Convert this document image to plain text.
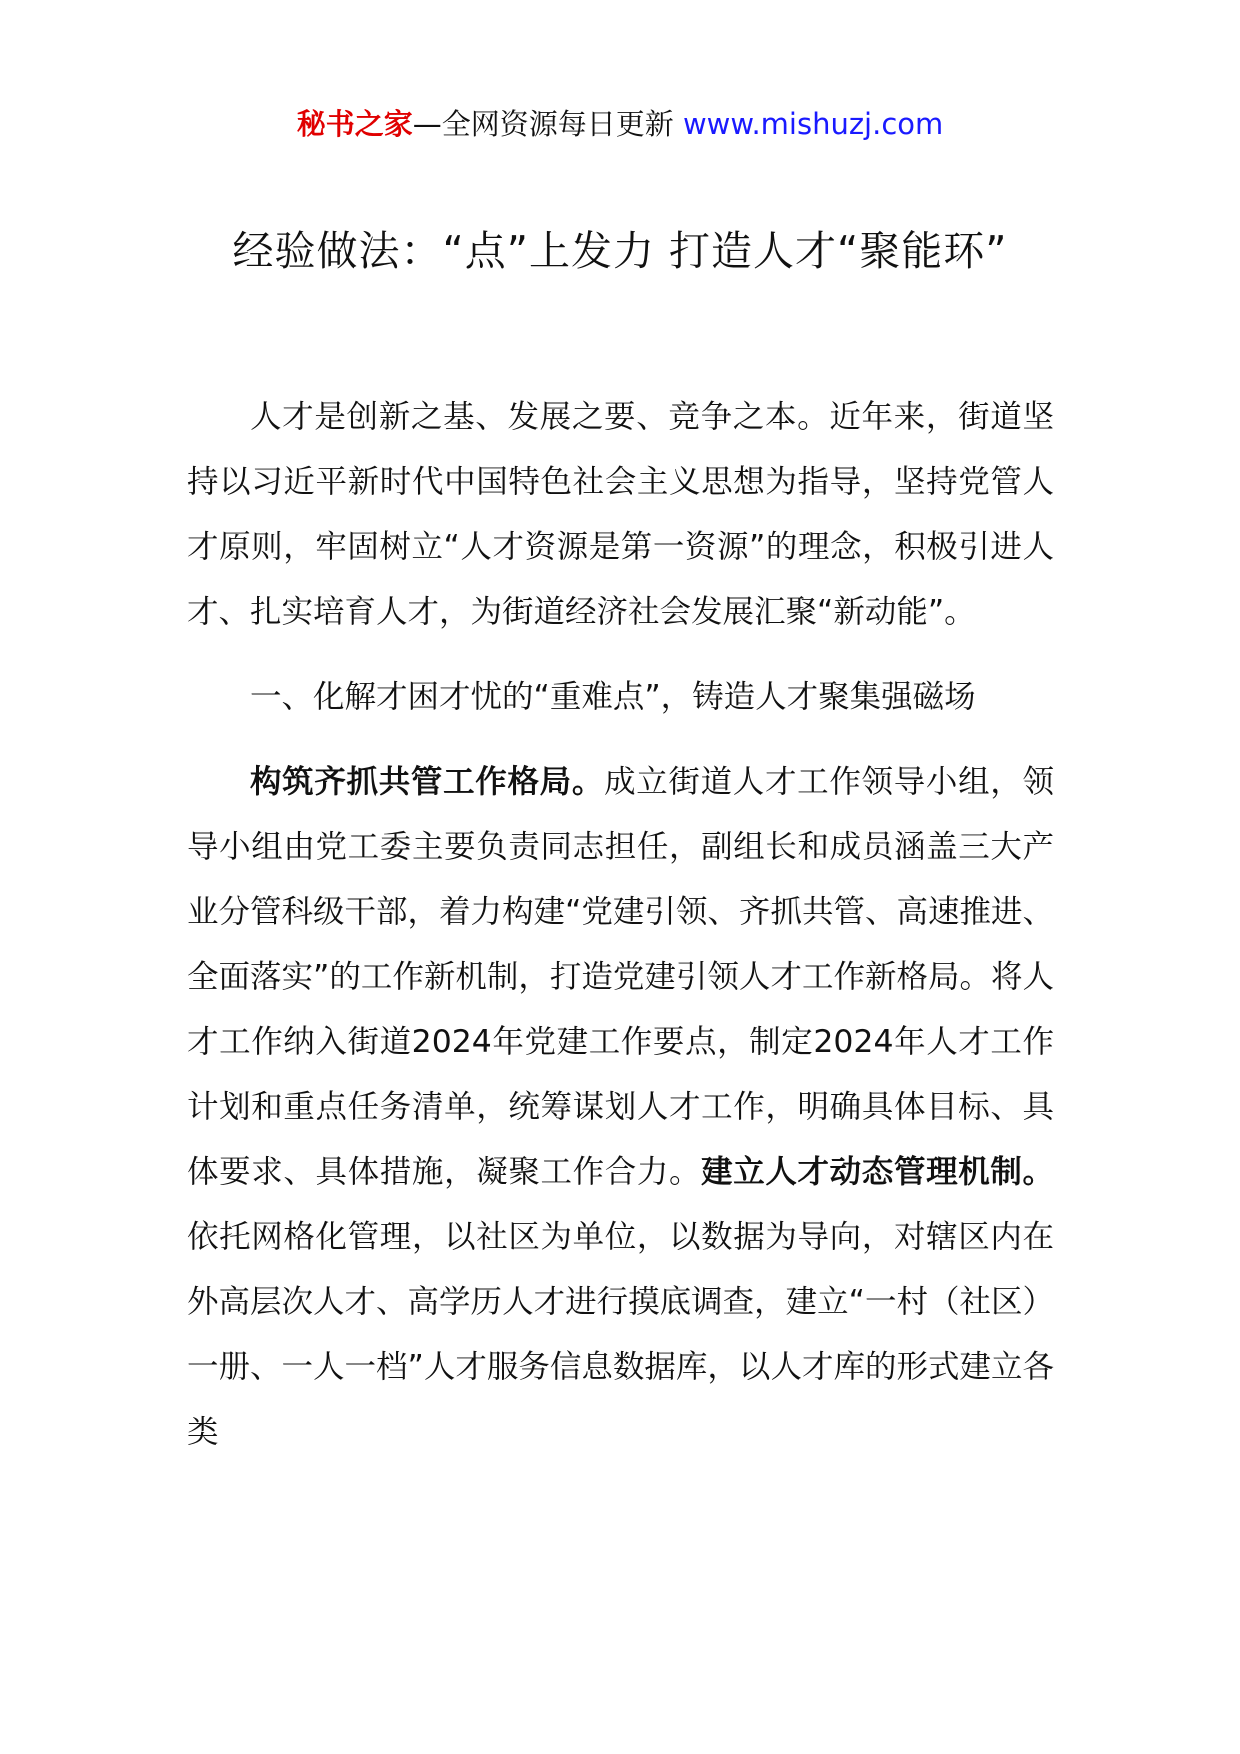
秘书之家—全网资源每日更新 www.mishuzj.com
经验做法：“点”上发力 打造人才“聚能环”

人才是创新之基、发展之要、竞争之本。近年来，街道坚持以习近平新时代中国特色社会主义思想为指导，坚持党管人才原则，牢固树立“人才资源是第一资源”的理念，积极引进人才、扎实培育人才，为街道经济社会发展汇聚“新动能”。

一、化解才困才忧的“重难点”，铸造人才聚集强磁场

构筑齐抓共管工作格局。成立街道人才工作领导小组，领导小组由党工委主要负责同志担任，副组长和成员涵盖三大产业分管科级干部，着力构建“党建引领、齐抓共管、高速推进、全面落实”的工作新机制，打造党建引领人才工作新格局。将人才工作纳入街道2024年党建工作要点，制定2024年人才工作计划和重点任务清单，统筹谋划人才工作，明确具体目标、具体要求、具体措施，凝聚工作合力。建立人才动态管理机制。依托网格化管理，以社区为单位，以数据为导向，对辖区内在外高层次人才、高学历人才进行摸底调查，建立“一村（社区）一册、一人一档”人才服务信息数据库，以人才库的形式建立各类
